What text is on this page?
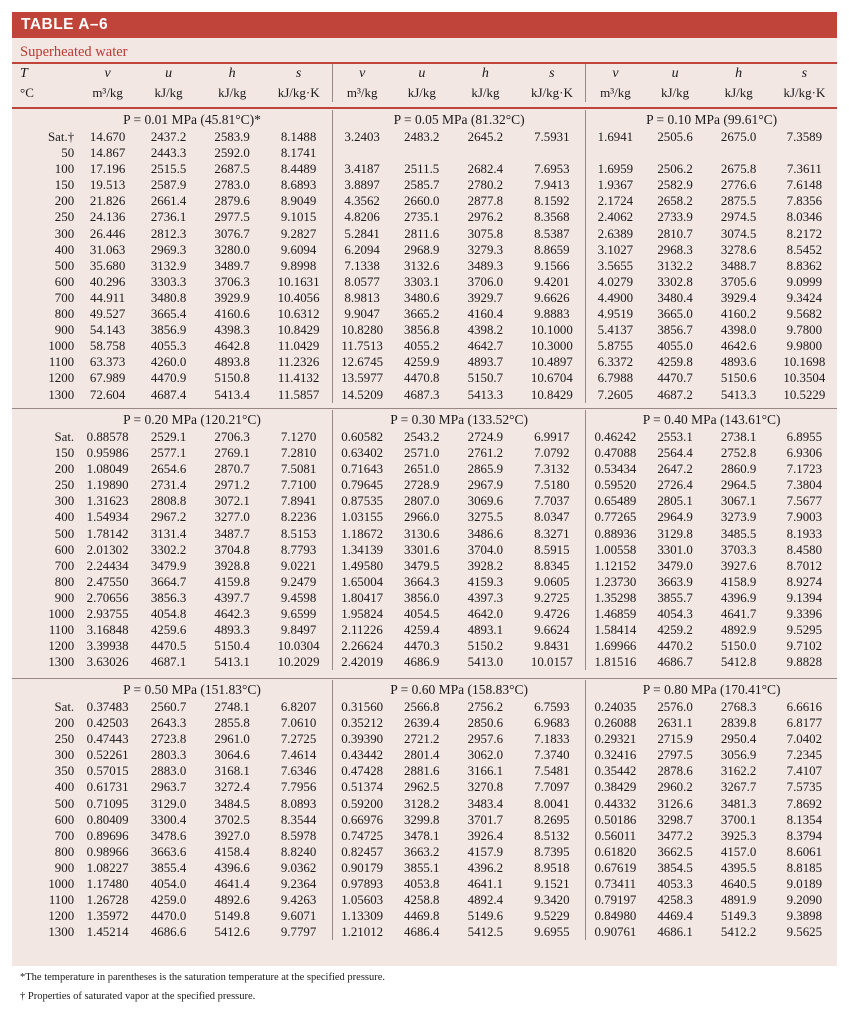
TABLE A–6
Superheated water
T	v	u	h	s	v	u	h	s	v	u	h	s
°C	m³/kg	kJ/kg	kJ/kg	kJ/kg·K	m³/kg	kJ/kg	kJ/kg	kJ/kg·K	m³/kg	kJ/kg	kJ/kg	kJ/kg·K
P = 0.01 MPa (45.81°C)*					P = 0.05 MPa (81.32°C)				P = 0.10 MPa (99.61°C)			
Sat.†	14.670	2437.2	2583.9	8.1488	3.2403	2483.2	2645.2	7.5931	1.6941	2505.6	2675.0	7.3589
50	14.867	2443.3	2592.0	8.1741								
100	17.196	2515.5	2687.5	8.4489	3.4187	2511.5	2682.4	7.6953	1.6959	2506.2	2675.8	7.3611
150	19.513	2587.9	2783.0	8.6893	3.8897	2585.7	2780.2	7.9413	1.9367	2582.9	2776.6	7.6148
200	21.826	2661.4	2879.6	8.9049	4.3562	2660.0	2877.8	8.1592	2.1724	2658.2	2875.5	7.8356
250	24.136	2736.1	2977.5	9.1015	4.8206	2735.1	2976.2	8.3568	2.4062	2733.9	2974.5	8.0346
300	26.446	2812.3	3076.7	9.2827	5.2841	2811.6	3075.8	8.5387	2.6389	2810.7	3074.5	8.2172
400	31.063	2969.3	3280.0	9.6094	6.2094	2968.9	3279.3	8.8659	3.1027	2968.3	3278.6	8.5452
500	35.680	3132.9	3489.7	9.8998	7.1338	3132.6	3489.3	9.1566	3.5655	3132.2	3488.7	8.8362
600	40.296	3303.3	3706.3	10.1631	8.0577	3303.1	3706.0	9.4201	4.0279	3302.8	3705.6	9.0999
700	44.911	3480.8	3929.9	10.4056	8.9813	3480.6	3929.7	9.6626	4.4900	3480.4	3929.4	9.3424
800	49.527	3665.4	4160.6	10.6312	9.9047	3665.2	4160.4	9.8883	4.9519	3665.0	4160.2	9.5682
900	54.143	3856.9	4398.3	10.8429	10.8280	3856.8	4398.2	10.1000	5.4137	3856.7	4398.0	9.7800
1000	58.758	4055.3	4642.8	11.0429	11.7513	4055.2	4642.7	10.3000	5.8755	4055.0	4642.6	9.9800
1100	63.373	4260.0	4893.8	11.2326	12.6745	4259.9	4893.7	10.4897	6.3372	4259.8	4893.6	10.1698
1200	67.989	4470.9	5150.8	11.4132	13.5977	4470.8	5150.7	10.6704	6.7988	4470.7	5150.6	10.3504
1300	72.604	4687.4	5413.4	11.5857	14.5209	4687.3	5413.3	10.8429	7.2605	4687.2	5413.3	10.5229
P = 0.20 MPa (120.21°C)					P = 0.30 MPa (133.52°C)				P = 0.40 MPa (143.61°C)			
Sat.	0.88578	2529.1	2706.3	7.1270	0.60582	2543.2	2724.9	6.9917	0.46242	2553.1	2738.1	6.8955
150	0.95986	2577.1	2769.1	7.2810	0.63402	2571.0	2761.2	7.0792	0.47088	2564.4	2752.8	6.9306
200	1.08049	2654.6	2870.7	7.5081	0.71643	2651.0	2865.9	7.3132	0.53434	2647.2	2860.9	7.1723
250	1.19890	2731.4	2971.2	7.7100	0.79645	2728.9	2967.9	7.5180	0.59520	2726.4	2964.5	7.3804
300	1.31623	2808.8	3072.1	7.8941	0.87535	2807.0	3069.6	7.7037	0.65489	2805.1	3067.1	7.5677
400	1.54934	2967.2	3277.0	8.2236	1.03155	2966.0	3275.5	8.0347	0.77265	2964.9	3273.9	7.9003
500	1.78142	3131.4	3487.7	8.5153	1.18672	3130.6	3486.6	8.3271	0.88936	3129.8	3485.5	8.1933
600	2.01302	3302.2	3704.8	8.7793	1.34139	3301.6	3704.0	8.5915	1.00558	3301.0	3703.3	8.4580
700	2.24434	3479.9	3928.8	9.0221	1.49580	3479.5	3928.2	8.8345	1.12152	3479.0	3927.6	8.7012
800	2.47550	3664.7	4159.8	9.2479	1.65004	3664.3	4159.3	9.0605	1.23730	3663.9	4158.9	8.9274
900	2.70656	3856.3	4397.7	9.4598	1.80417	3856.0	4397.3	9.2725	1.35298	3855.7	4396.9	9.1394
1000	2.93755	4054.8	4642.3	9.6599	1.95824	4054.5	4642.0	9.4726	1.46859	4054.3	4641.7	9.3396
1100	3.16848	4259.6	4893.3	9.8497	2.11226	4259.4	4893.1	9.6624	1.58414	4259.2	4892.9	9.5295
1200	3.39938	4470.5	5150.4	10.0304	2.26624	4470.3	5150.2	9.8431	1.69966	4470.2	5150.0	9.7102
1300	3.63026	4687.1	5413.1	10.2029	2.42019	4686.9	5413.0	10.0157	1.81516	4686.7	5412.8	9.8828
P = 0.50 MPa (151.83°C)					P = 0.60 MPa (158.83°C)				P = 0.80 MPa (170.41°C)			
Sat.	0.37483	2560.7	2748.1	6.8207	0.31560	2566.8	2756.2	6.7593	0.24035	2576.0	2768.3	6.6616
200	0.42503	2643.3	2855.8	7.0610	0.35212	2639.4	2850.6	6.9683	0.26088	2631.1	2839.8	6.8177
250	0.47443	2723.8	2961.0	7.2725	0.39390	2721.2	2957.6	7.1833	0.29321	2715.9	2950.4	7.0402
300	0.52261	2803.3	3064.6	7.4614	0.43442	2801.4	3062.0	7.3740	0.32416	2797.5	3056.9	7.2345
350	0.57015	2883.0	3168.1	7.6346	0.47428	2881.6	3166.1	7.5481	0.35442	2878.6	3162.2	7.4107
400	0.61731	2963.7	3272.4	7.7956	0.51374	2962.5	3270.8	7.7097	0.38429	2960.2	3267.7	7.5735
500	0.71095	3129.0	3484.5	8.0893	0.59200	3128.2	3483.4	8.0041	0.44332	3126.6	3481.3	7.8692
600	0.80409	3300.4	3702.5	8.3544	0.66976	3299.8	3701.7	8.2695	0.50186	3298.7	3700.1	8.1354
700	0.89696	3478.6	3927.0	8.5978	0.74725	3478.1	3926.4	8.5132	0.56011	3477.2	3925.3	8.3794
800	0.98966	3663.6	4158.4	8.8240	0.82457	3663.2	4157.9	8.7395	0.61820	3662.5	4157.0	8.6061
900	1.08227	3855.4	4396.6	9.0362	0.90179	3855.1	4396.2	8.9518	0.67619	3854.5	4395.5	8.8185
1000	1.17480	4054.0	4641.4	9.2364	0.97893	4053.8	4641.1	9.1521	0.73411	4053.3	4640.5	9.0189
1100	1.26728	4259.0	4892.6	9.4263	1.05603	4258.8	4892.4	9.3420	0.79197	4258.3	4891.9	9.2090
1200	1.35972	4470.0	5149.8	9.6071	1.13309	4469.8	5149.6	9.5229	0.84980	4469.4	5149.3	9.3898
1300	1.45214	4686.6	5412.6	9.7797	1.21012	4686.4	5412.5	9.6955	0.90761	4686.1	5412.2	9.5625
*The temperature in parentheses is the saturation temperature at the specified pressure.
† Properties of saturated vapor at the specified pressure.
